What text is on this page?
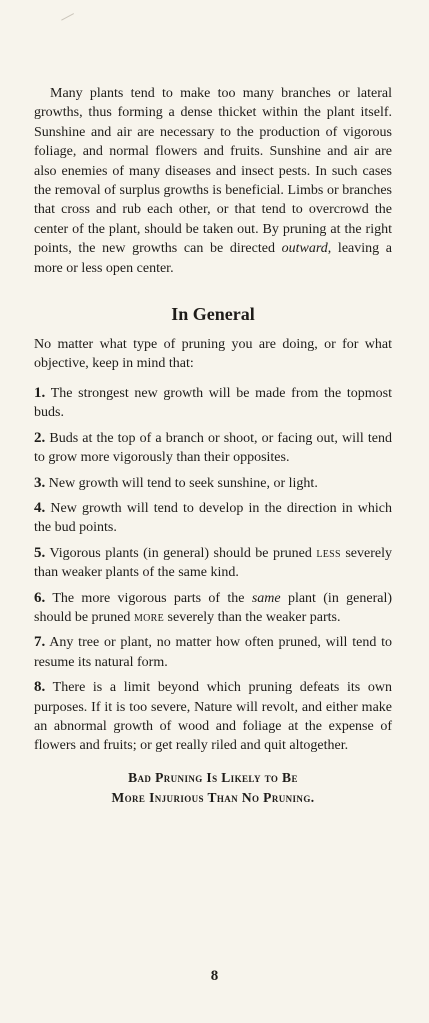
Many plants tend to make too many branches or lateral growths, thus forming a dense thicket within the plant itself. Sunshine and air are necessary to the production of vigorous foliage, and normal flowers and fruits. Sunshine and air are also enemies of many diseases and insect pests. In such cases the removal of surplus growths is beneficial. Limbs or branches that cross and rub each other, or that tend to overcrowd the center of the plant, should be taken out. By pruning at the right points, the new growths can be directed outward, leaving a more or less open center.

In General

No matter what type of pruning you are doing, or for what objective, keep in mind that:

1. The strongest new growth will be made from the topmost buds.

2. Buds at the top of a branch or shoot, or facing out, will tend to grow more vigorously than their opposites.

3. New growth will tend to seek sunshine, or light.

4. New growth will tend to develop in the direction in which the bud points.

5. Vigorous plants (in general) should be pruned less severely than weaker plants of the same kind.

6. The more vigorous parts of the same plant (in general) should be pruned more severely than the weaker parts.

7. Any tree or plant, no matter how often pruned, will tend to resume its natural form.

8. There is a limit beyond which pruning defeats its own purposes. If it is too severe, Nature will revolt, and either make an abnormal growth of wood and foliage at the expense of flowers and fruits; or get really riled and quit altogether.

Bad Pruning Is Likely to Be
More Injurious Than No Pruning.

8
